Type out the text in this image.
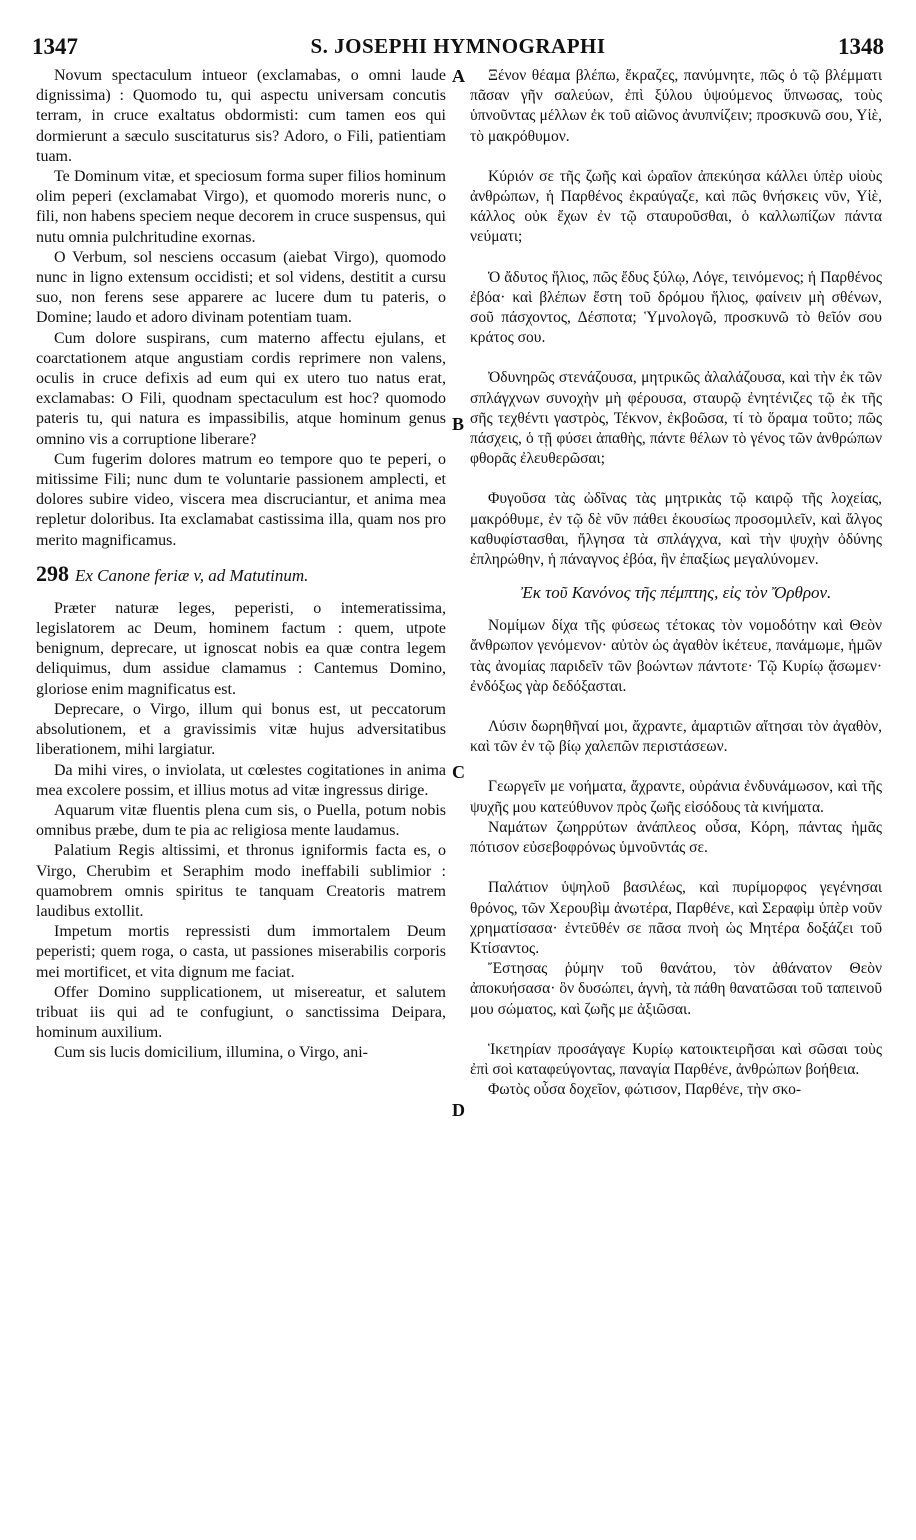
1347	S. JOSEPHI HYMNOGRAPHI	1348
A
B
C
D

Novum spectaculum intueor (exclamabas, o omni laude dignissima) : Quomodo tu, qui aspectu universam concutis terram, in cruce exaltatus obdormisti: cum tamen eos qui dormierunt a sæculo suscitaturus sis? Adoro, o Fili, patientiam tuam.

Te Dominum vitæ, et speciosum forma super filios hominum olim peperi (exclamabat Virgo), et quomodo moreris nunc, o fili, non habens speciem neque decorem in cruce suspensus, qui nutu omnia pulchritudine exornas.

O Verbum, sol nesciens occasum (aiebat Virgo), quomodo nunc in ligno extensum occidisti; et sol videns, destitit a cursu suo, non ferens sese apparere ac lucere dum tu pateris, o Domine; laudo et adoro divinam potentiam tuam.

Cum dolore suspirans, cum materno affectu ejulans, et coarctationem atque angustiam cordis reprimere non valens, oculis in cruce defixis ad eum qui ex utero tuo natus erat, exclamabas: O Fili, quodnam spectaculum est hoc? quomodo pateris tu, qui natura es impassibilis, atque hominum genus omnino vis a corruptione liberare?

Cum fugerim dolores matrum eo tempore quo te peperi, o mitissime Fili; nunc dum te voluntarie passionem amplecti, et dolores subire video, viscera mea discruciantur, et anima mea repletur doloribus. Ita exclamabat castissima illa, quam nos pro merito magnificamus.

298 Ex Canone feriæ v, ad Matutinum.

Præter naturæ leges, peperisti, o intemeratissima, legislatorem ac Deum, hominem factum : quem, utpote benignum, deprecare, ut ignoscat nobis ea quæ contra legem deliquimus, dum assidue clamamus : Cantemus Domino, gloriose enim magnificatus est.

Deprecare, o Virgo, illum qui bonus est, ut peccatorum absolutionem, et a gravissimis vitæ hujus adversitatibus liberationem, mihi largiatur.

Da mihi vires, o inviolata, ut cœlestes cogitationes in anima mea excolere possim, et illius motus ad vitæ ingressus dirige.

Aquarum vitæ fluentis plena cum sis, o Puella, potum nobis omnibus præbe, dum te pia ac religiosa mente laudamus.

Palatium Regis altissimi, et thronus igniformis facta es, o Virgo, Cherubim et Seraphim modo ineffabili sublimior : quamobrem omnis spiritus te tanquam Creatoris matrem laudibus extollit.

Impetum mortis repressisti dum immortalem Deum peperisti; quem roga, o casta, ut passiones miserabilis corporis mei mortificet, et vita dignum me faciat.

Offer Domino supplicationem, ut misereatur, et salutem tribuat iis qui ad te confugiunt, o sanctissima Deipara, hominum auxilium.

Cum sis lucis domicilium, illumina, o Virgo, ani-

Ξένον θέαμα βλέπω, ἔκραζες, πανύμνητε, πῶς ὁ τῷ βλέμματι πᾶσαν γῆν σαλεύων, ἐπὶ ξύλου ὑψούμενος ὕπνωσας, τοὺς ὑπνοῦντας μέλλων ἐκ τοῦ αἰῶνος ἀνυπνίζειν; προσκυνῶ σου, Υἱὲ, τὸ μακρόθυμον.

Κύριόν σε τῆς ζωῆς καὶ ὡραῖον ἀπεκύησα κάλλει ὑπὲρ υἱοὺς ἀνθρώπων, ἡ Παρθένος ἐκραύγαζε, καὶ πῶς θνήσκεις νῦν, Υἱὲ, κάλλος οὐκ ἔχων ἐν τῷ σταυροῦσθαι, ὁ καλλωπίζων πάντα νεύματι;

Ὁ ἄδυτος ἥλιος, πῶς ἔδυς ξύλῳ, Λόγε, τεινόμενος; ἡ Παρθένος ἐβόα· καὶ βλέπων ἔστη τοῦ δρόμου ἥλιος, φαίνειν μὴ σθένων, σοῦ πάσχοντος, Δέσποτα; Ὑμνολογῶ, προσκυνῶ τὸ θεῖόν σου κράτος σου.

Ὀδυνηρῶς στενάζουσα, μητρικῶς ἀλαλάζουσα, καὶ τὴν ἐκ τῶν σπλάγχνων συνοχὴν μὴ φέρουσα, σταυρῷ ἐνητένιζες τῷ ἐκ τῆς σῆς τεχθέντι γαστρὸς, Τέκνον, ἐκβοῶσα, τί τὸ ὅραμα τοῦτο; πῶς πάσχεις, ὁ τῇ φύσει ἀπαθὴς, πάντε θέλων τὸ γένος τῶν ἀνθρώπων φθορᾶς ἐλευθερῶσαι;

Φυγοῦσα τὰς ὠδῖνας τὰς μητρικὰς τῷ καιρῷ τῆς λοχείας, μακρόθυμε, ἐν τῷ δὲ νῦν πάθει ἑκουσίως προσομιλεῖν, καὶ ἄλγος καθυφίστασθαι, ἤλγησα τὰ σπλάγχνα, καὶ τὴν ψυχὴν ὀδύνης ἐπληρώθην, ἡ πάναγνος ἐβόα, ἣν ἐπαξίως μεγαλύνομεν.

Ἐκ τοῦ Κανόνος τῆς πέμπτης, εἰς τὸν Ὄρθρον.

Νομίμων δίχα τῆς φύσεως τέτοκας τὸν νομοδότην καὶ Θεὸν ἄνθρωπον γενόμενον· αὐτὸν ὡς ἀγαθὸν ἱκέτευε, πανάμωμε, ἡμῶν τὰς ἀνομίας παριδεῖν τῶν βοώντων πάντοτε· Τῷ Κυρίῳ ᾄσωμεν· ἐνδόξως γὰρ δεδόξασται.

Λύσιν δωρηθῆναί μοι, ἄχραντε, ἁμαρτιῶν αἴτησαι τὸν ἀγαθὸν, καὶ τῶν ἐν τῷ βίῳ χαλεπῶν περιστάσεων.

Γεωργεῖν με νοήματα, ἄχραντε, οὐράνια ἐνδυνάμωσον, καὶ τῆς ψυχῆς μου κατεύθυνον πρὸς ζωῆς εἰσόδους τὰ κινήματα.

Ναμάτων ζωηρρύτων ἀνάπλεος οὖσα, Κόρη, πάντας ἡμᾶς πότισον εὐσεβοφρόνως ὑμνοῦντάς σε.

Παλάτιον ὑψηλοῦ βασιλέως, καὶ πυρίμορφος γεγένησαι θρόνος, τῶν Χερουβὶμ ἀνωτέρα, Παρθένε, καὶ Σεραφὶμ ὑπὲρ νοῦν χρηματίσασα· ἐντεῦθέν σε πᾶσα πνοὴ ὡς Μητέρα δοξάζει τοῦ Κτίσαντος.

Ἔστησας ῥύμην τοῦ θανάτου, τὸν ἀθάνατον Θεὸν ἀποκυήσασα· ὃν δυσώπει, ἁγνὴ, τὰ πάθη θανατῶσαι τοῦ ταπεινοῦ μου σώματος, καὶ ζωῆς με ἀξιῶσαι.

Ἱκετηρίαν προσάγαγε Κυρίῳ κατοικτειρῆσαι καὶ σῶσαι τοὺς ἐπὶ σοὶ καταφεύγοντας, παναγία Παρθένε, ἀνθρώπων βοήθεια.

Φωτὸς οὖσα δοχεῖον, φώτισον, Παρθένε, τὴν σκο-
